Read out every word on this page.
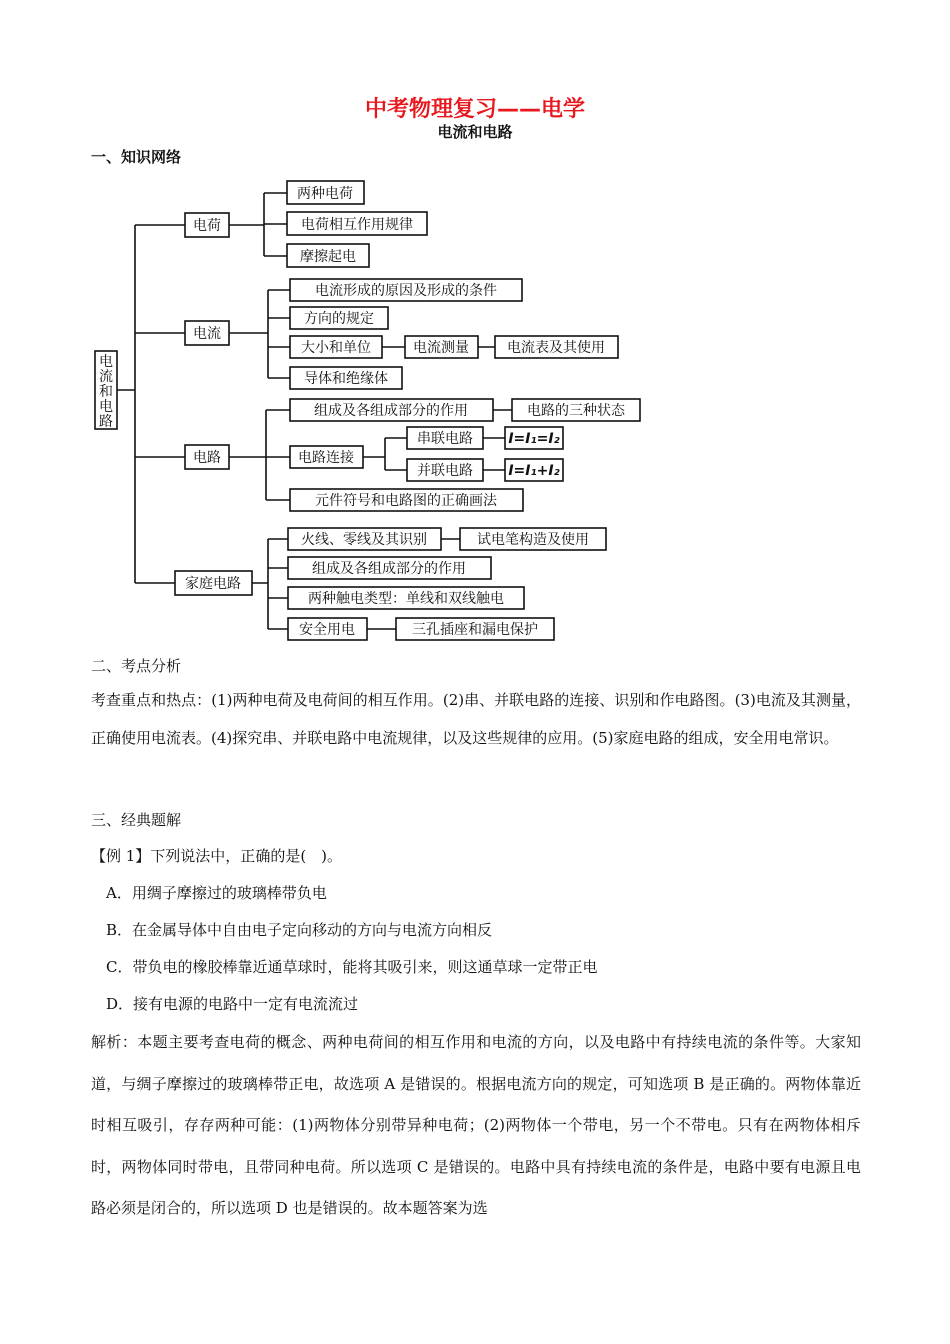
中考物理复习——电学
电流和电路
一、知识网络
电
流
和
电
路
电荷
两种电荷
电荷相互作用规律
摩擦起电
电流
电流形成的原因及形成的条件
方向的规定
大小和单位	电流测量	电流表及其使用
导体和绝缘体
电路
组成及各组成部分的作用	电路的三种状态
电路连接
串联电路	I=I₁=I₂
并联电路	I=I₁+I₂
元件符号和电路图的正确画法
家庭电路
火线、零线及其识别	试电笔构造及使用
组成及各组成部分的作用
两种触电类型：单线和双线触电
安全用电	三孔插座和漏电保护
二、考点分析
考查重点和热点：(1)两种电荷及电荷间的相互作用。(2)串、并联电路的连接、识别和作电路图。(3)电流及其测量，正确使用电流表。(4)探究串、并联电路中电流规律，以及这些规律的应用。(5)家庭电路的组成，安全用电常识。
三、经典题解
【例 1】下列说法中，正确的是(　)。
A．用绸子摩擦过的玻璃棒带负电
B．在金属导体中自由电子定向移动的方向与电流方向相反
C．带负电的橡胶棒靠近通草球时，能将其吸引来，则这通草球一定带正电
D．接有电源的电路中一定有电流流过
解析：本题主要考查电荷的概念、两种电荷间的相互作用和电流的方向，以及电路中有持续电流的条件等。大家知道，与绸子摩擦过的玻璃棒带正电，故选项 A 是错误的。根据电流方向的规定，可知选项 B 是正确的。两物体靠近时相互吸引，存存两种可能：(1)两物体分别带异种电荷；(2)两物体一个带电，另一个不带电。只有在两物体相斥时，两物体同时带电，且带同种电荷。所以选项 C 是错误的。电路中具有持续电流的条件是，电路中要有电源且电路必须是闭合的，所以选项 D 也是错误的。故本题答案为选
